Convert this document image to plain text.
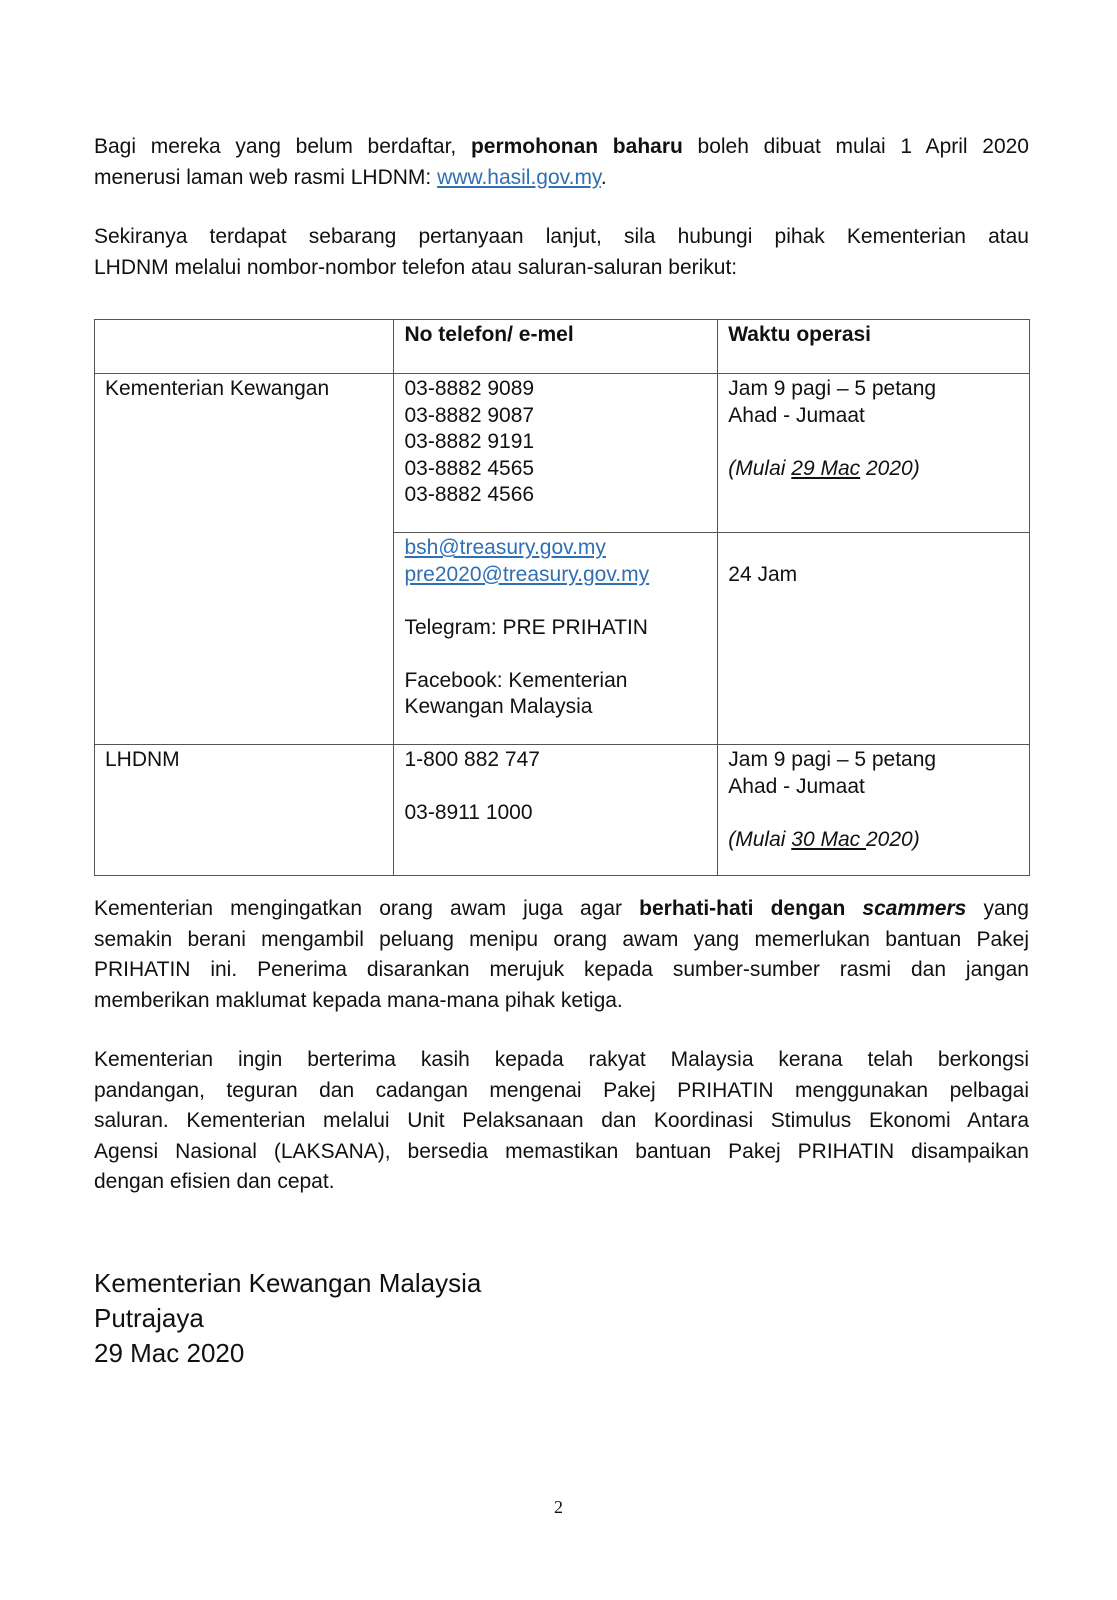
Bagi mereka yang belum berdaftar, permohonan baharu boleh dibuat mulai 1 April 2020
menerusi laman web rasmi LHDNM: www.hasil.gov.my.
Sekiranya terdapat sebarang pertanyaan lanjut, sila hubungi pihak Kementerian atau
LHDNM melalui nombor-nombor telefon atau saluran-saluran berikut:
	No telefon/ e-mel	Waktu operasi
Kementerian Kewangan	03-8882 9089
03-8882 9087
03-8882 9191
03-8882 4565
03-8882 4566	Jam 9 pagi – 5 petang
Ahad - Jumaat
(Mulai 29 Mac 2020)

	bsh@treasury.gov.my
pre2020@treasury.gov.my
Telegram: PRE PRIHATIN
Facebook: Kementerian
Kewangan Malaysia	24 Jam

LHDNM	1-800 882 747
03-8911 1000	Jam 9 pagi – 5 petang
Ahad - Jumaat
(Mulai 30 Mac 2020)
Kementerian mengingatkan orang awam juga agar berhati-hati dengan scammers yang
semakin berani mengambil peluang menipu orang awam yang memerlukan bantuan Pakej
PRIHATIN ini. Penerima disarankan merujuk kepada sumber-sumber rasmi dan jangan
memberikan maklumat kepada mana-mana pihak ketiga.
Kementerian ingin berterima kasih kepada rakyat Malaysia kerana telah berkongsi
pandangan, teguran dan cadangan mengenai Pakej PRIHATIN menggunakan pelbagai
saluran. Kementerian melalui Unit Pelaksanaan dan Koordinasi Stimulus Ekonomi Antara
Agensi Nasional (LAKSANA), bersedia memastikan bantuan Pakej PRIHATIN disampaikan
dengan efisien dan cepat.
Kementerian Kewangan Malaysia
Putrajaya
29 Mac 2020
2
